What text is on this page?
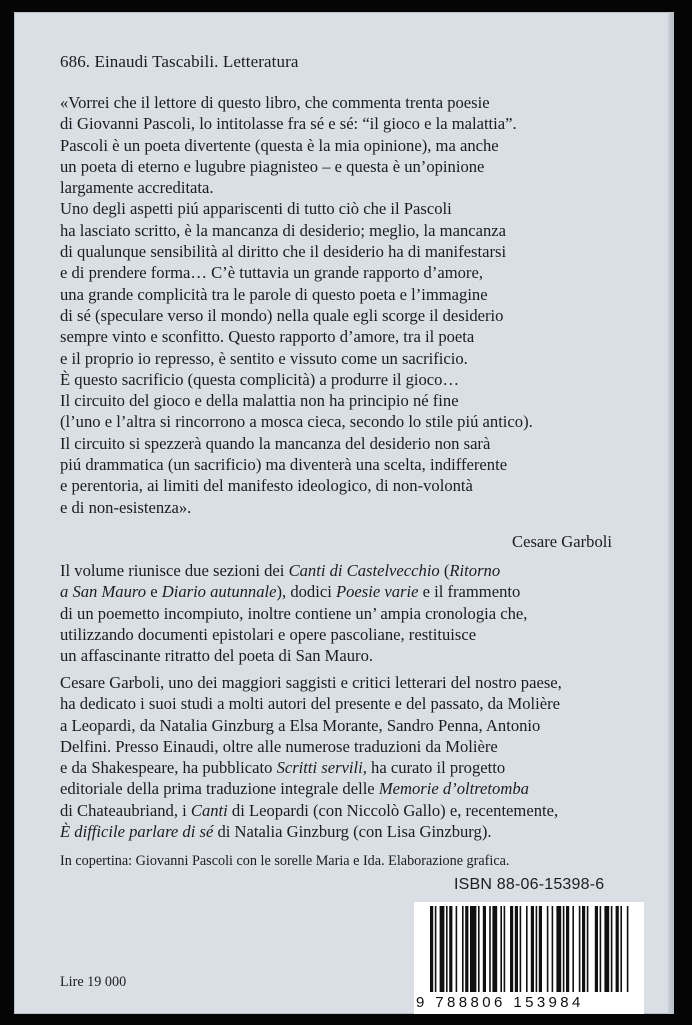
686. Einaudi Tascabili. Letteratura

«Vorrei che il lettore di questo libro, che commenta trenta poesie

di Giovanni Pascoli, lo intitolasse fra sé e sé: “il gioco e la malattia”.

Pascoli è un poeta divertente (questa è la mia opinione), ma anche

un poeta di eterno e lugubre piagnisteo – e questa è un’opinione

largamente accreditata.

Uno degli aspetti piú appariscenti di tutto ciò che il Pascoli

ha lasciato scritto, è la mancanza di desiderio; meglio, la mancanza

di qualunque sensibilità al diritto che il desiderio ha di manifestarsi

e di prendere forma… C’è tuttavia un grande rapporto d’amore,

una grande complicità tra le parole di questo poeta e l’immagine

di sé (speculare verso il mondo) nella quale egli scorge il desiderio

sempre vinto e sconfitto. Questo rapporto d’amore, tra il poeta

e il proprio io represso, è sentito e vissuto come un sacrificio.

È questo sacrificio (questa complicità) a produrre il gioco…

Il circuito del gioco e della malattia non ha principio né fine

(l’uno e l’altra si rincorrono a mosca cieca, secondo lo stile piú antico).

Il circuito si spezzerà quando la mancanza del desiderio non sarà

piú drammatica (un sacrificio) ma diventerà una scelta, indifferente

e perentoria, ai limiti del manifesto ideologico, di non-volontà

e di non-esistenza».

Cesare Garboli

Il volume riunisce due sezioni dei Canti di Castelvecchio (Ritorno

a San Mauro e Diario autunnale), dodici Poesie varie e il frammento

di un poemetto incompiuto, inoltre contiene un’ ampia cronologia che,

utilizzando documenti epistolari e opere pascoliane, restituisce

un affascinante ritratto del poeta di San Mauro.

Cesare Garboli, uno dei maggiori saggisti e critici letterari del nostro paese,

ha dedicato i suoi studi a molti autori del presente e del passato, da Molière

a Leopardi, da Natalia Ginzburg a Elsa Morante, Sandro Penna, Antonio

Delfini. Presso Einaudi, oltre alle numerose traduzioni da Molière

e da Shakespeare, ha pubblicato Scritti servili, ha curato il progetto

editoriale della prima traduzione integrale delle Memorie d’oltretomba

di Chateaubriand, i Canti di Leopardi (con Niccolò Gallo) e, recentemente,

È difficile parlare di sé di Natalia Ginzburg (con Lisa Ginzburg).

In copertina: Giovanni Pascoli con le sorelle Maria e Ida. Elaborazione grafica.
ISBN 88-06-15398-6
9 788806 153984
Lire 19 000
